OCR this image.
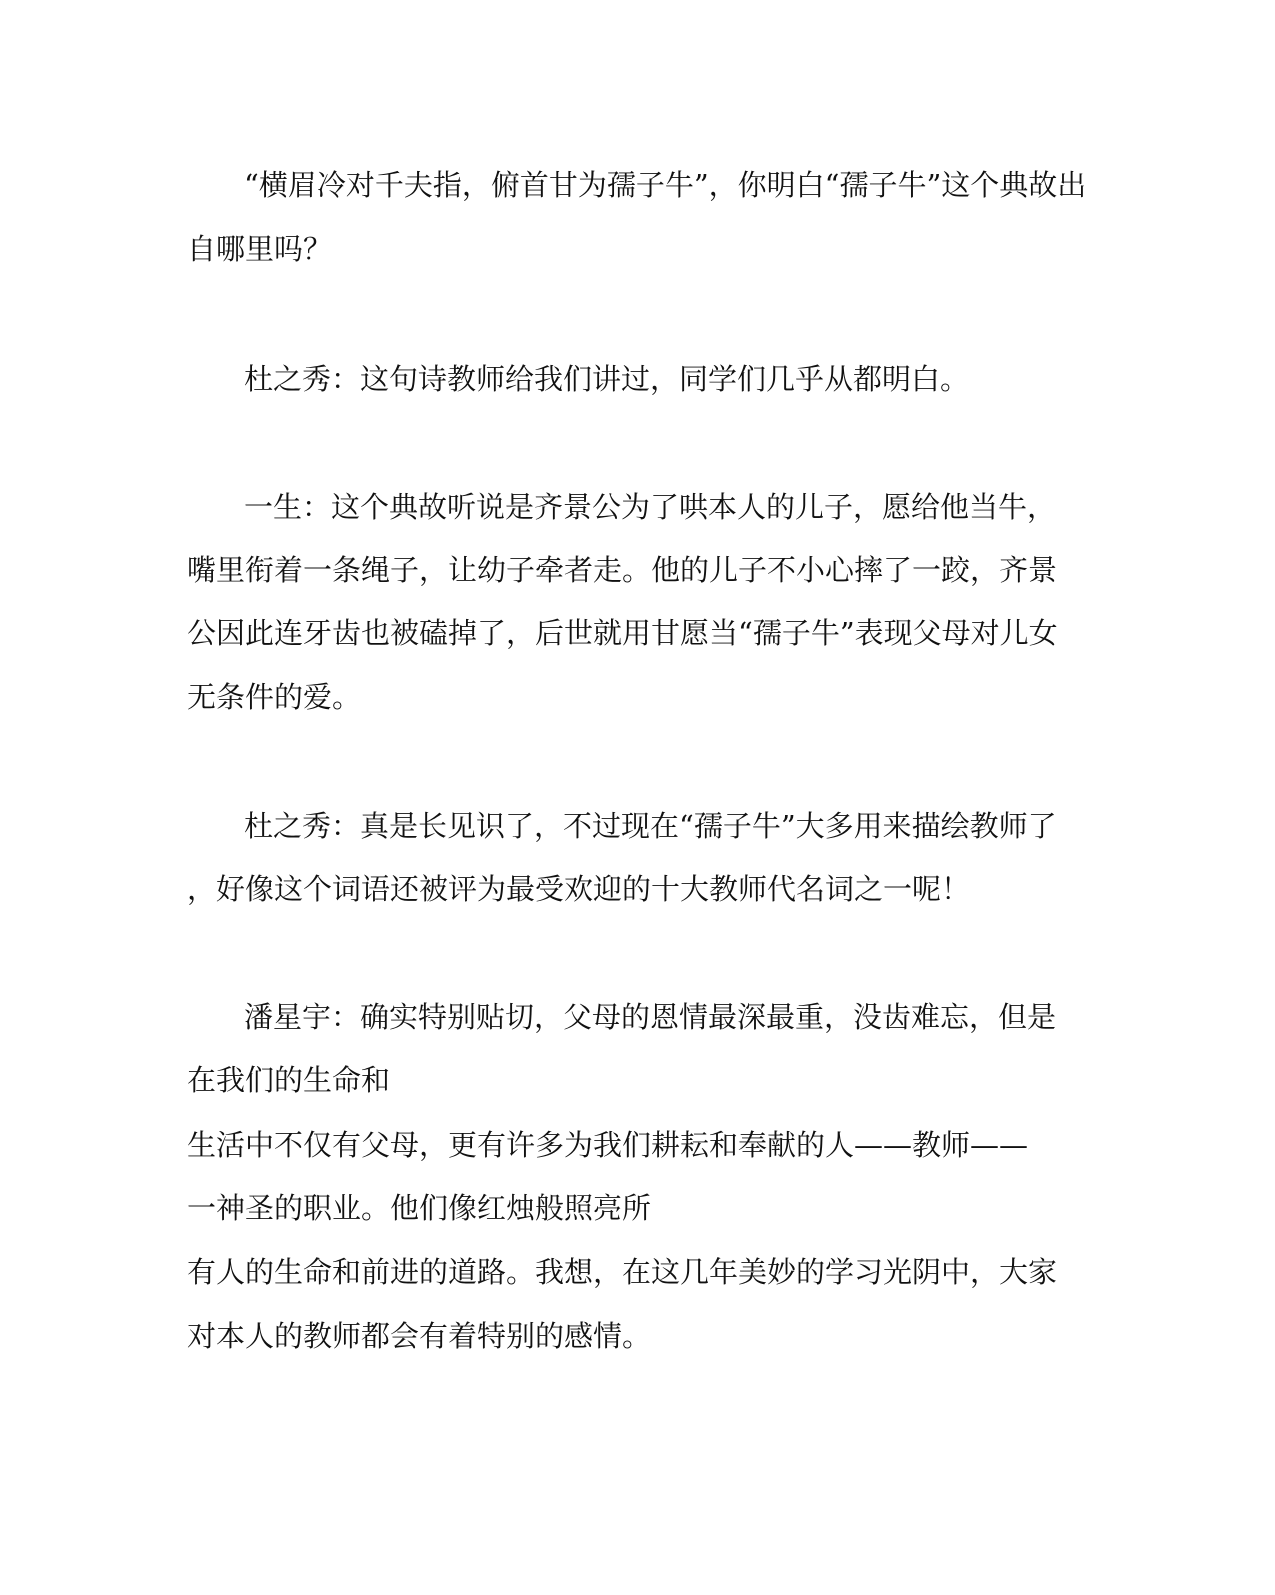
“横眉冷对千夫指，俯首甘为孺子牛”，你明白“孺子牛”这个典故出
自哪里吗？
杜之秀：这句诗教师给我们讲过，同学们几乎从都明白。
一生：这个典故听说是齐景公为了哄本人的儿子，愿给他当牛，
嘴里衔着一条绳子，让幼子牵者走。他的儿子不小心摔了一跤，齐景
公因此连牙齿也被磕掉了，后世就用甘愿当“孺子牛”表现父母对儿女
无条件的爱。
杜之秀：真是长见识了，不过现在“孺子牛”大多用来描绘教师了
，好像这个词语还被评为最受欢迎的十大教师代名词之一呢！
潘星宇：确实特别贴切，父母的恩情最深最重，没齿难忘，但是
在我们的生命和
生活中不仅有父母，更有许多为我们耕耘和奉献的人——教师——
一神圣的职业。他们像红烛般照亮所
有人的生命和前进的道路。我想，在这几年美妙的学习光阴中，大家
对本人的教师都会有着特别的感情。
